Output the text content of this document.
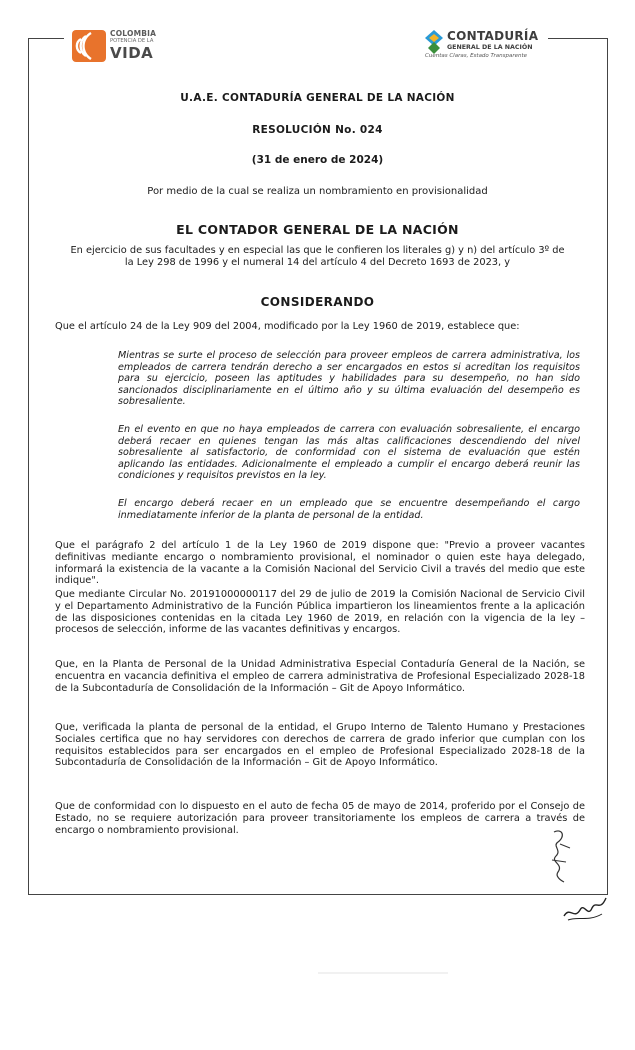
COLOMBIA
POTENCIA DE LA
VIDA
CONTADURÍA
GENERAL DE LA NACIÓN
Cuentas Claras, Estado Transparente
U.A.E. CONTADURÍA GENERAL DE LA NACIÓN
RESOLUCIÓN No. 024
(31 de enero de 2024)
Por medio de la cual se realiza un nombramiento en provisionalidad
EL CONTADOR GENERAL DE LA NACIÓN
En ejercicio de sus facultades y en especial las que le confieren los literales g) y n) del artículo 3º de la Ley 298 de 1996 y el numeral 14 del artículo 4 del Decreto 1693 de 2023, y
CONSIDERANDO
Que el artículo 24 de la Ley 909 del 2004, modificado por la Ley 1960 de 2019, establece que:
Mientras se surte el proceso de selección para proveer empleos de carrera administrativa, los empleados de carrera tendrán derecho a ser encargados en estos si acreditan los requisitos para su ejercicio, poseen las aptitudes y habilidades para su desempeño, no han sido sancionados disciplinariamente en el último año y su última evaluación del desempeño es sobresaliente.
En el evento en que no haya empleados de carrera con evaluación sobresaliente, el encargo deberá recaer en quienes tengan las más altas calificaciones descendiendo del nivel sobresaliente al satisfactorio, de conformidad con el sistema de evaluación que estén aplicando las entidades. Adicionalmente el empleado a cumplir el encargo deberá reunir las condiciones y requisitos previstos en la ley.
El encargo deberá recaer en un empleado que se encuentre desempeñando el cargo inmediatamente inferior de la planta de personal de la entidad.
Que el parágrafo 2 del artículo 1 de la Ley 1960 de 2019 dispone que: "Previo a proveer vacantes definitivas mediante encargo o nombramiento provisional, el nominador o quien este haya delegado, informará la existencia de la vacante a la Comisión Nacional del Servicio Civil a través del medio que este indique".
Que mediante Circular No. 20191000000117 del 29 de julio de 2019 la Comisión Nacional de Servicio Civil y el Departamento Administrativo de la Función Pública impartieron los lineamientos frente a la aplicación de las disposiciones contenidas en la citada Ley 1960 de 2019, en relación con la vigencia de la ley – procesos de selección, informe de las vacantes definitivas y encargos.
Que, en la Planta de Personal de la Unidad Administrativa Especial Contaduría General de la Nación, se encuentra en vacancia definitiva el empleo de carrera administrativa de Profesional Especializado 2028-18 de la Subcontaduría de Consolidación de la Información – Git de Apoyo Informático.
Que, verificada la planta de personal de la entidad, el Grupo Interno de Talento Humano y Prestaciones Sociales certifica que no hay servidores con derechos de carrera de grado inferior que cumplan con los requisitos establecidos para ser encargados en el empleo de Profesional Especializado 2028-18 de la Subcontaduría de Consolidación de la Información – Git de Apoyo Informático.
Que de conformidad con lo dispuesto en el auto de fecha 05 de mayo de 2014, proferido por el Consejo de Estado, no se requiere autorización para proveer transitoriamente los empleos de carrera a través de encargo o nombramiento provisional.
